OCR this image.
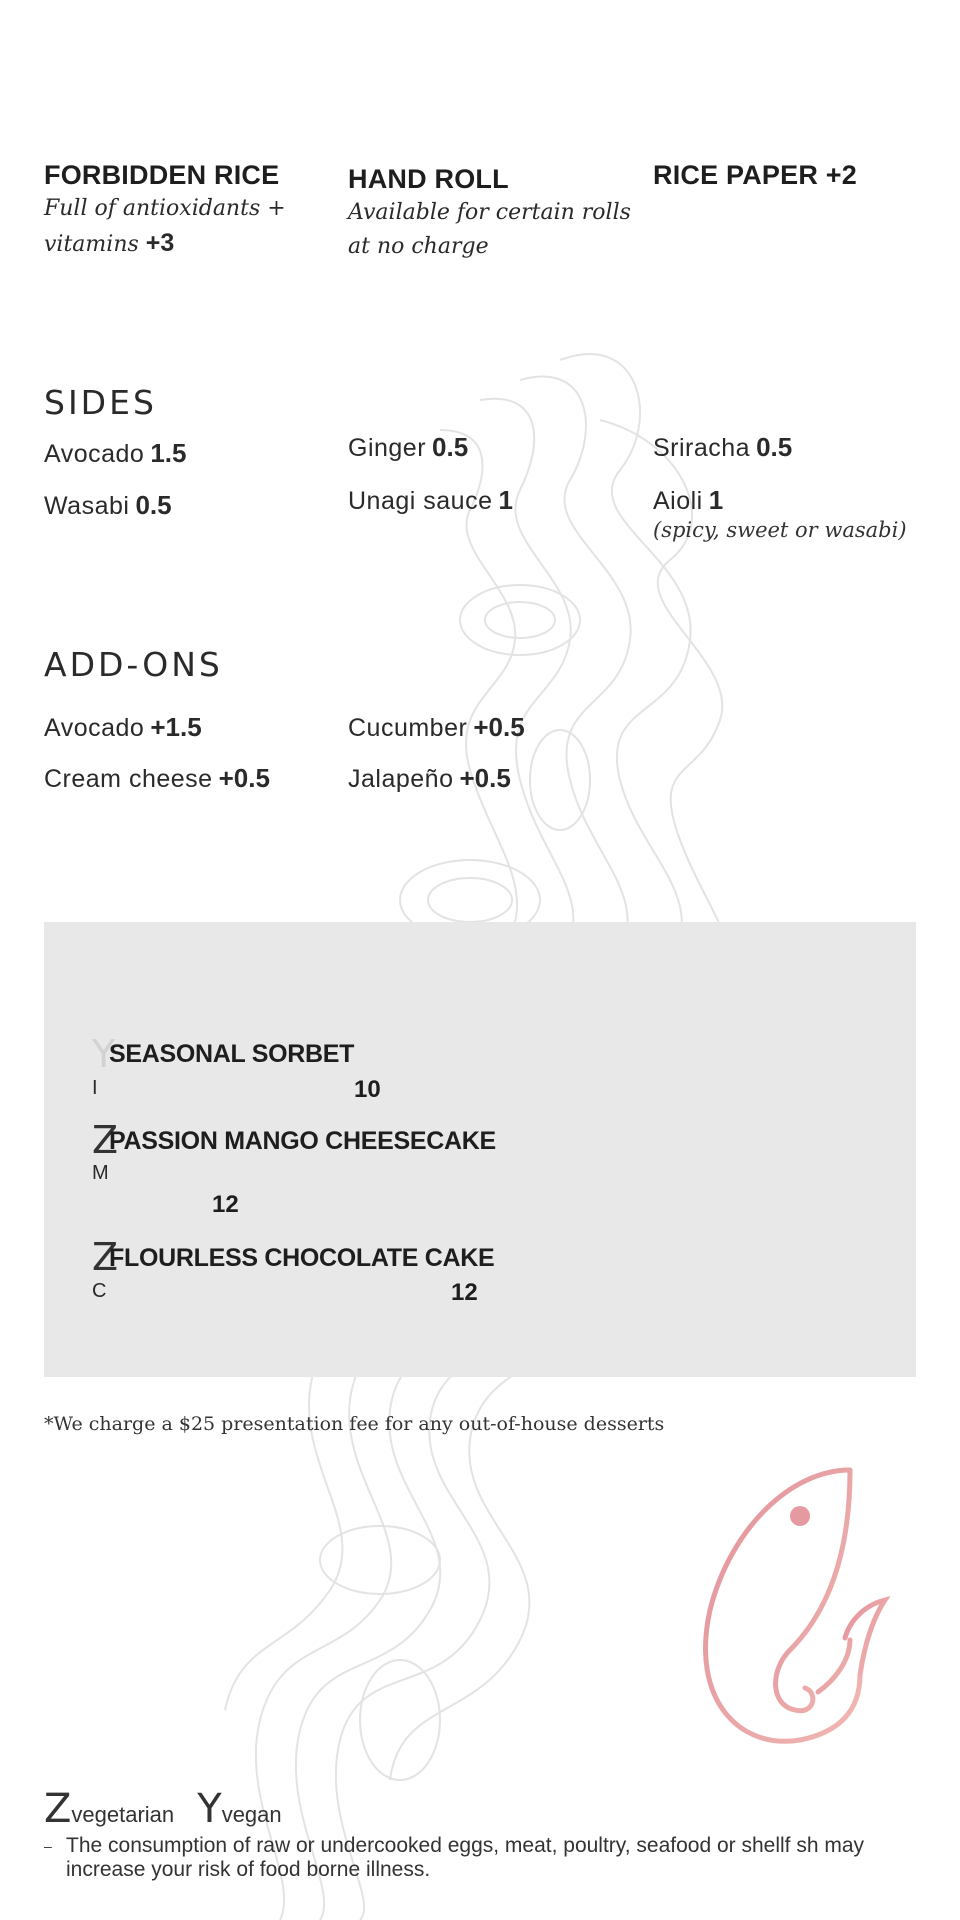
FORBIDDEN RICE
Full of antioxidants + vitamins +3
HAND ROLL
Available for certain rolls at no charge
RICE PAPER +2
SIDES
Avocado 1.5
Wasabi 0.5
Ginger 0.5
Unagi sauce 1
Sriracha 0.5
Aioli 1
(spicy, sweet or wasabi)
ADD-ONS
Avocado +1.5
Cream cheese +0.5
Cucumber +0.5
Jalapeño +0.5
Y
SEASONAL SORBET
I	10
Z
PASSION MANGO CHEESECAKE
M
12
Z
FLOURLESS CHOCOLATE CAKE
C	12
*We charge a $25 presentation fee for any out-of-house desserts
Zvegetarian Yvegan
– The consumption of raw or undercooked eggs, meat, poultry, seafood or shellf sh may increase your risk of food borne illness.
